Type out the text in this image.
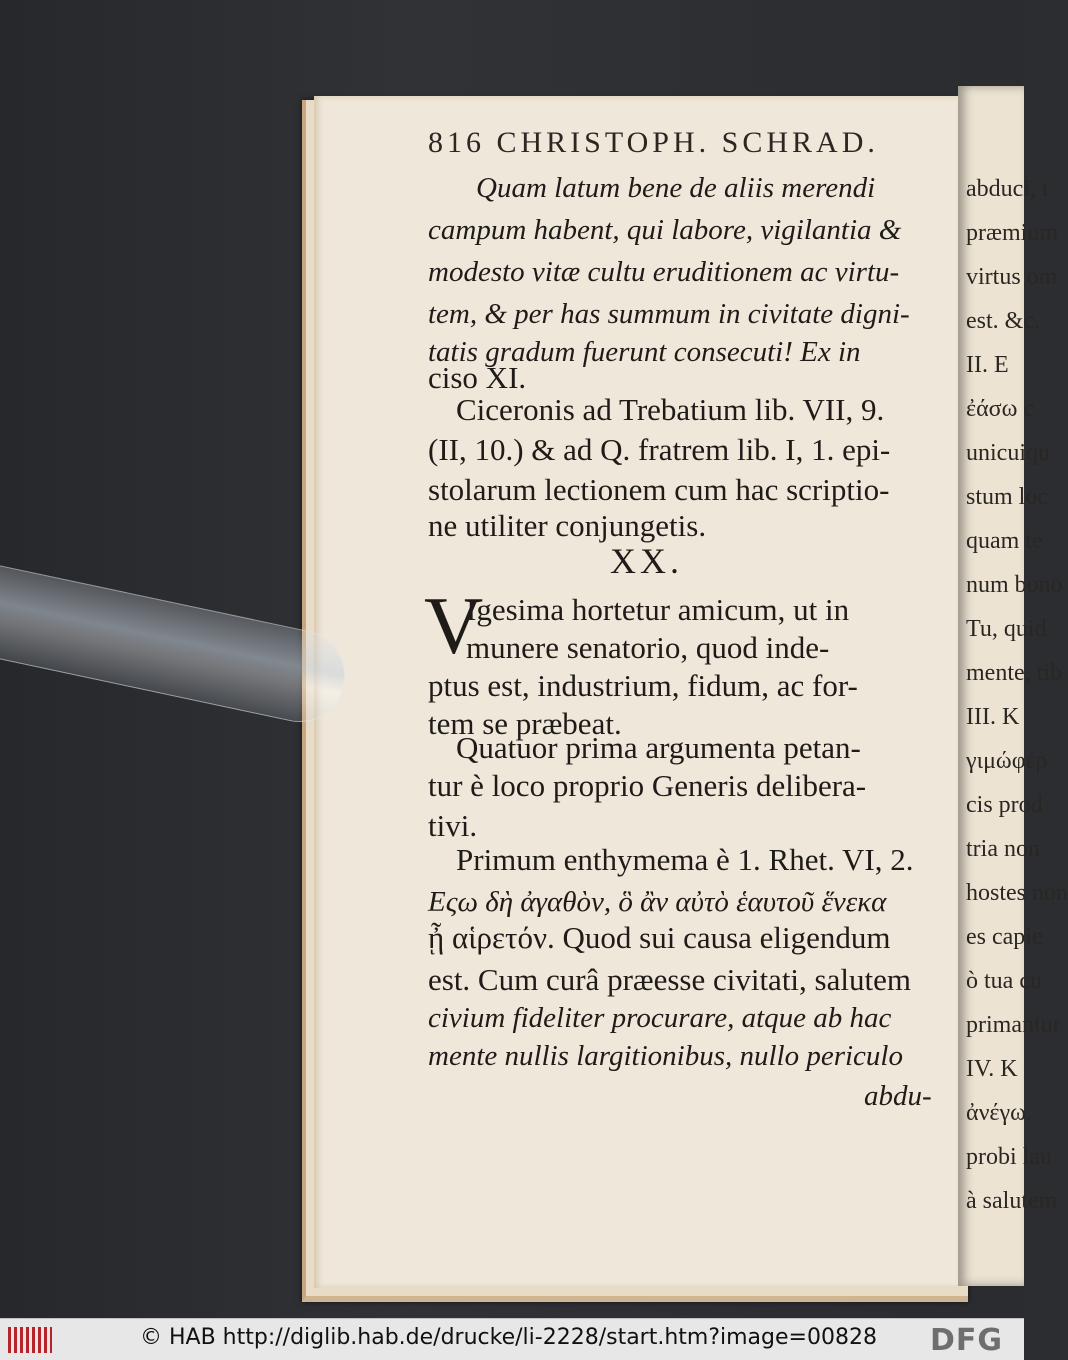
abduci, t
præmium
virtus om
est. &c.
II. E
ἐάσω c
unicuiqu
stum loc
quam te
num bono
Tu, quid
mente, tib
III. K
γιμώφέρ
cis prod
tria non
hostes non
es capie
ò tua cu
primantur
IV. K
ἀνέγω.
probi lau
à salutem
816 CHRISTOPH. SCHRAD.
Quam latum bene de aliis merendi
campum habent, qui labore, vigilantia &
modesto vitæ cultu eruditionem ac virtu-
tem, & per has summum in civitate digni-
tatis gradum fuerunt consecuti! Ex in
ciso XI.
Ciceronis ad Trebatium lib. VII, 9.
(II, 10.) & ad Q. fratrem lib. I, 1. epi-
stolarum lectionem cum hac scriptio-
ne utiliter conjungetis.
Igesima hortetur amicum, ut in
munere senatorio, quod inde-
ptus est, industrium, fidum, ac for-
tem se præbeat.
Quatuor prima argumenta petan-
tur è loco proprio Generis delibera-
tivi.
Primum enthymema è 1. Rhet. VI, 2.
Εςω δὴ ἀγαθὸν, ὃ ἂν αὐτὸ ἑαυτοῦ ἕνεκα
ᾖ αἱρετόν. Quod sui causa eligendum
est. Cum curâ præesse civitati, salutem
civium fideliter procurare, atque ab hac
mente nullis largitionibus, nullo periculo
abdu-
XX.
V
© HAB http://diglib.hab.de/drucke/li-2228/start.htm?image=00828 DFG
